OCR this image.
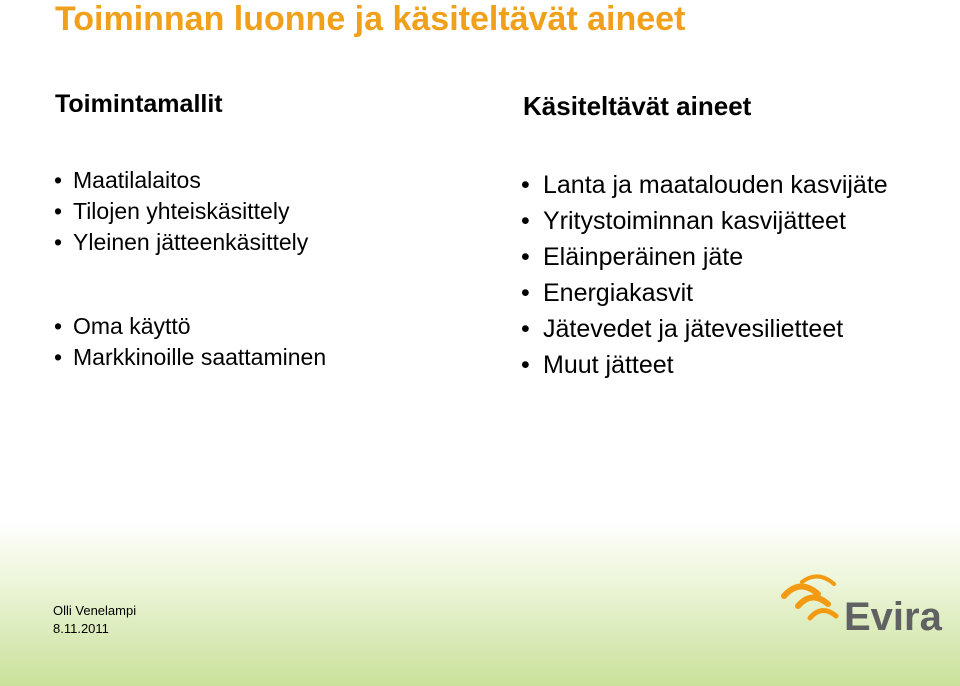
Toiminnan luonne ja käsiteltävät aineet
Toimintamallit
• Maatilalaitos
• Tilojen yhteiskäsittely
• Yleinen jätteenkäsittely
• Oma käyttö
• Markkinoille saattaminen
Käsiteltävät aineet
• Lanta ja maatalouden kasvijäte
• Yritystoiminnan kasvijätteet
• Eläinperäinen jäte
• Energiakasvit
• Jätevedet ja jätevesilietteet
• Muut jätteet

Olli Venelampi

8.11.2011	Evira
